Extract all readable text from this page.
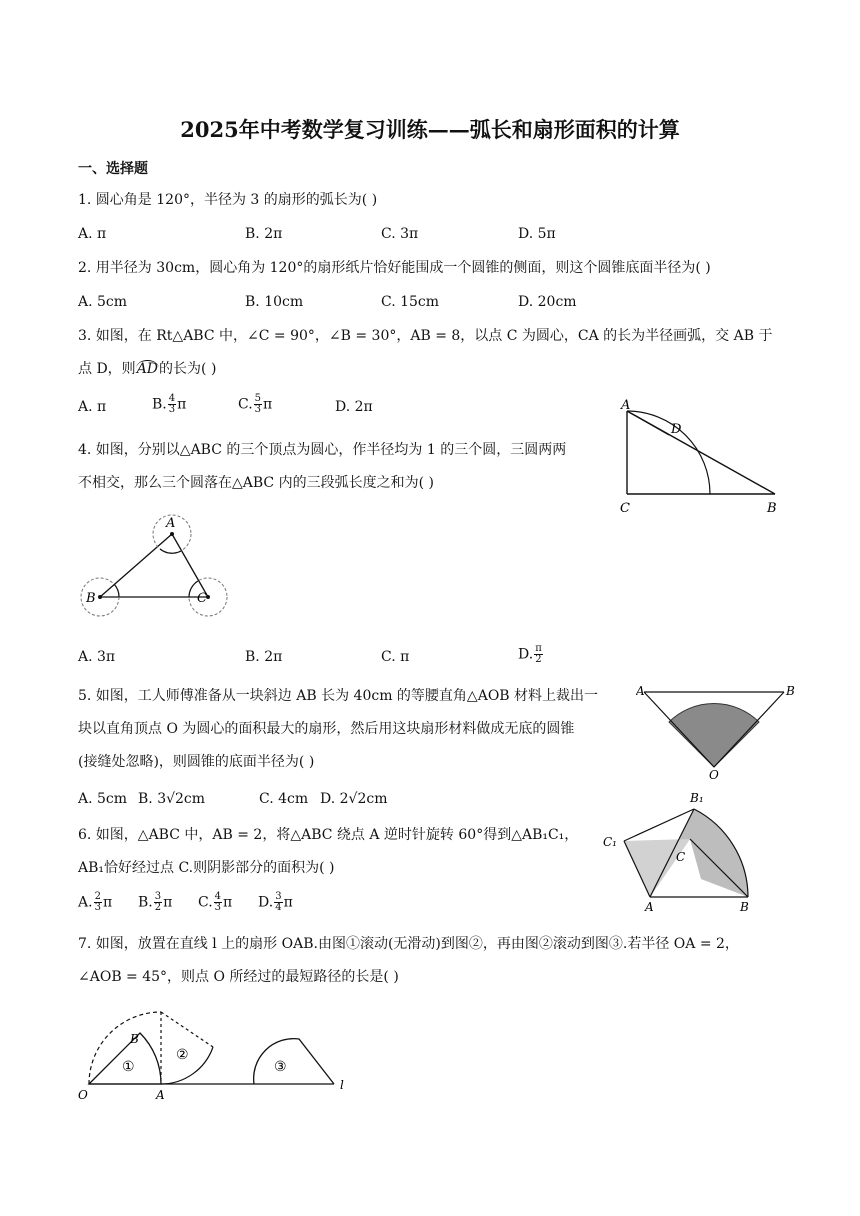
2025年中考数学复习训练——弧长和扇形面积的计算
一、选择题
1. 圆心角是 120°，半径为 3 的扇形的弧长为( )
A. π	B. 2π	C. 3π	D. 5π
2. 用半径为 30cm，圆心角为 120°的扇形纸片恰好能围成一个圆锥的侧面，则这个圆锥底面半径为( )
A. 5cm	B. 10cm	C. 15cm	D. 20cm
3. 如图，在 Rt△ABC 中，∠C = 90°，∠B = 30°，AB = 8，以点 C 为圆心，CA 的长为半径画弧，交 AB 于
点 D，则AD的长为( )
A. π	B. $\frac{4}{3}$ π	C. $\frac{5}{3}$ π	D. 2π	A
D
C	B
4. 如图，分别以△ABC 的三个顶点为圆心，作半径均为 1 的三个圆，三圆两两
不相交，那么三个圆落在△ABC 内的三段弧长度之和为( )
A
B	C
A. 3π	B. 2π	C. π	D. $\frac{\pi}{2}$
5. 如图，工人师傅准备从一块斜边 AB 长为 40cm 的等腰直角△AOB 材料上裁出一
块以直角顶点 O 为圆心的面积最大的扇形，然后用这块扇形材料做成无底的圆锥
(接缝处忽略)，则圆锥的底面半径为( )
A	B
O
A. 5cm B. 3√2cm	C. 4cm D. 2√2cm
6. 如图，△ABC 中，AB = 2，将△ABC 绕点 A 逆时针旋转 60°得到△AB₁C₁，
AB₁恰好经过点 C.则阴影部分的面积为( )
B₁
C₁
C
A	B
A. $\frac{2}{3}$ π B. $\frac{3}{2}$ π C. $\frac{4}{3}$ π D. $\frac{3}{4}$ π
7. 如图，放置在直线 l 上的扇形 OAB.由图①滚动(无滑动)到图②，再由图②滚动到图③.若半径 OA = 2，
∠AOB = 45°，则点 O 所经过的最短路径的长是( )
O	A
B
l
①
②
③
